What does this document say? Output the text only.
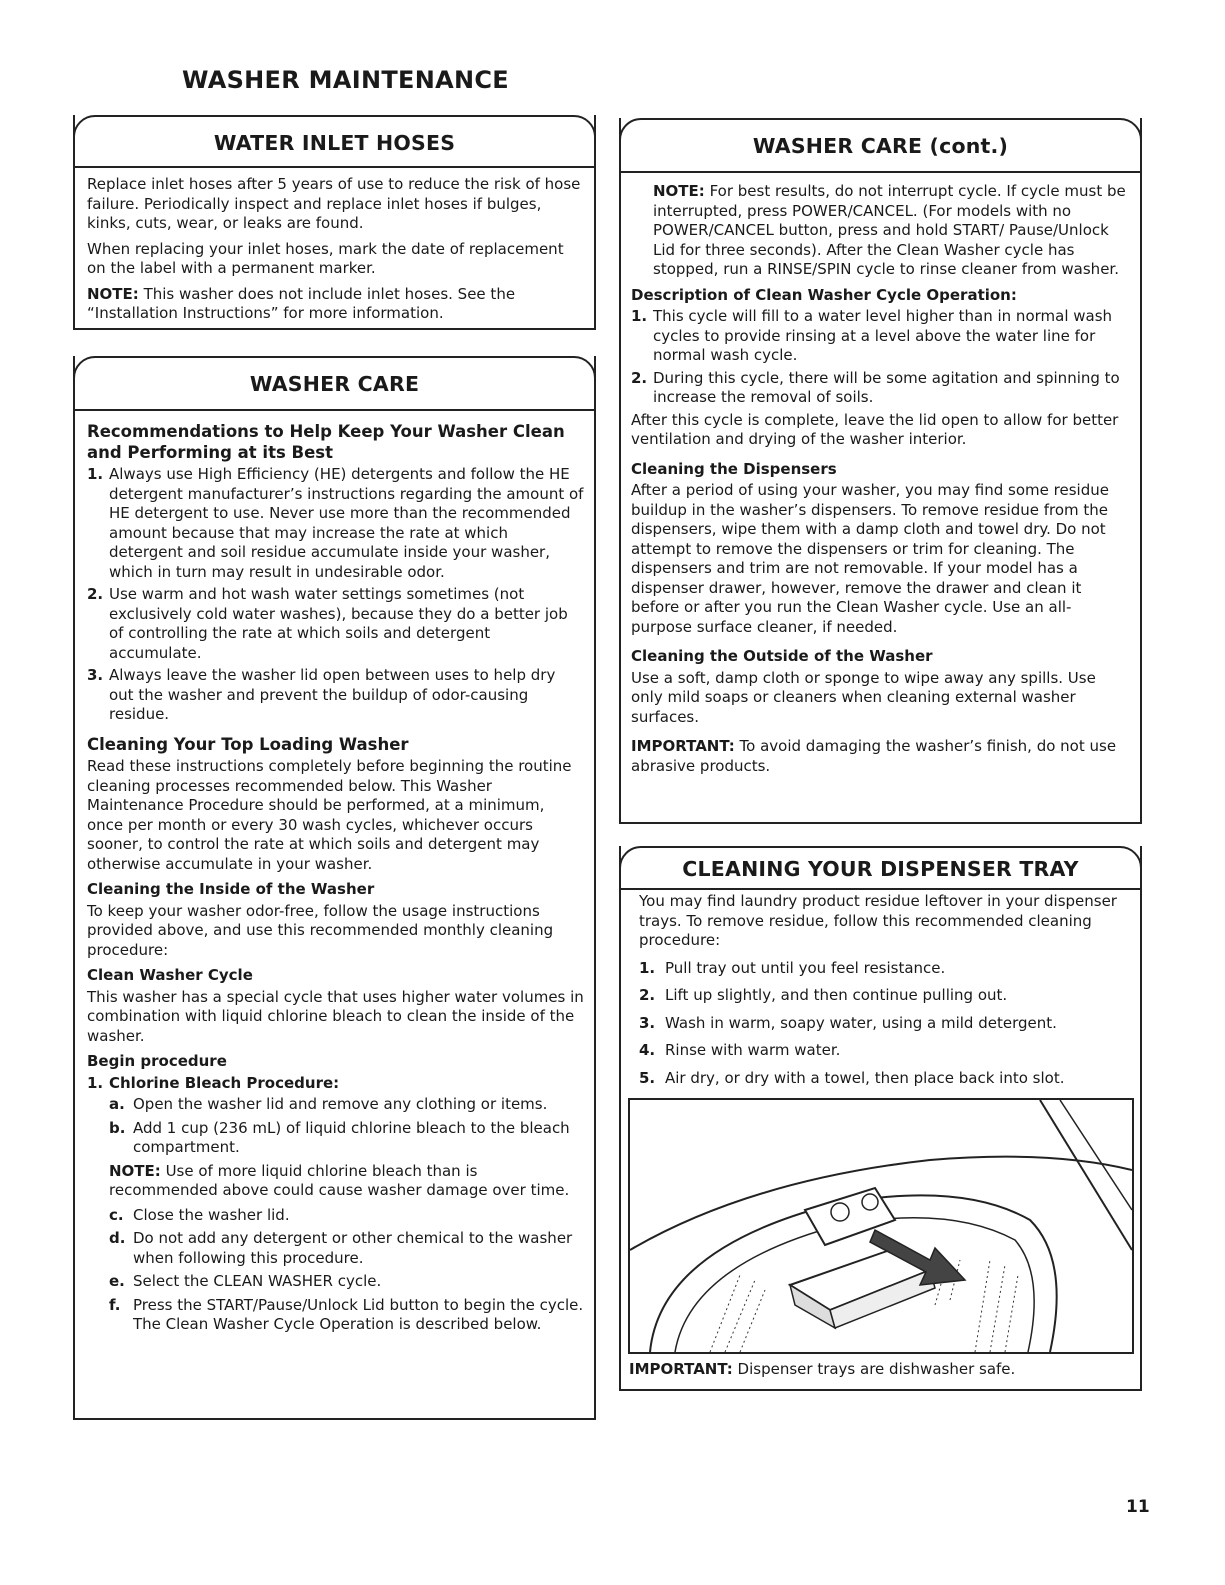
WASHER MAINTENANCE
WATER INLET HOSES

Replace inlet hoses after 5 years of use to reduce the risk of hose failure. Periodically inspect and replace inlet hoses if bulges, kinks, cuts, wear, or leaks are found.

When replacing your inlet hoses, mark the date of replacement on the label with a permanent marker.

NOTE: This washer does not include inlet hoses. See the “Installation Instructions” for more information.

WASHER CARE
Recommendations to Help Keep Your Washer Clean and Performing at its Best
1. Always use High Efficiency (HE) detergents and follow the HE detergent manufacturer’s instructions regarding the amount of HE detergent to use. Never use more than the recommended amount because that may increase the rate at which detergent and soil residue accumulate inside your washer, which in turn may result in undesirable odor.
2. Use warm and hot wash water settings sometimes (not exclusively cold water washes), because they do a better job of controlling the rate at which soils and detergent accumulate.
3. Always leave the washer lid open between uses to help dry out the washer and prevent the buildup of odor-causing residue.
Cleaning Your Top Loading Washer

Read these instructions completely before beginning the routine cleaning processes recommended below. This Washer Maintenance Procedure should be performed, at a minimum, once per month or every 30 wash cycles, whichever occurs sooner, to control the rate at which soils and detergent may otherwise accumulate in your washer.

Cleaning the Inside of the Washer

To keep your washer odor-free, follow the usage instructions provided above, and use this recommended monthly cleaning procedure:

Clean Washer Cycle

This washer has a special cycle that uses higher water volumes in combination with liquid chlorine bleach to clean the inside of the washer.

Begin procedure
1. Chlorine Bleach Procedure:
a. Open the washer lid and remove any clothing or items.
b. Add 1 cup (236 mL) of liquid chlorine bleach to the bleach compartment.

NOTE: Use of more liquid chlorine bleach than is recommended above could cause washer damage over time.

c. Close the washer lid.
d. Do not add any detergent or other chemical to the washer when following this procedure.
e. Select the CLEAN WASHER cycle.
f. Press the START/Pause/Unlock Lid button to begin the cycle. The Clean Washer Cycle Operation is described below.
WASHER CARE (cont.)

NOTE: For best results, do not interrupt cycle. If cycle must be interrupted, press POWER/CANCEL. (For models with no POWER/CANCEL button, press and hold START/ Pause/Unlock Lid for three seconds). After the Clean Washer cycle has stopped, run a RINSE/SPIN cycle to rinse cleaner from washer.

Description of Clean Washer Cycle Operation:
1. This cycle will fill to a water level higher than in normal wash cycles to provide rinsing at a level above the water line for normal wash cycle.
2. During this cycle, there will be some agitation and spinning to increase the removal of soils.

After this cycle is complete, leave the lid open to allow for better ventilation and drying of the washer interior.

Cleaning the Dispensers

After a period of using your washer, you may find some residue buildup in the washer’s dispensers. To remove residue from the dispensers, wipe them with a damp cloth and towel dry. Do not attempt to remove the dispensers or trim for cleaning. The dispensers and trim are not removable. If your model has a dispenser drawer, however, remove the drawer and clean it before or after you run the Clean Washer cycle. Use an all-purpose surface cleaner, if needed.

Cleaning the Outside of the Washer

Use a soft, damp cloth or sponge to wipe away any spills. Use only mild soaps or cleaners when cleaning external washer surfaces.

IMPORTANT: To avoid damaging the washer’s finish, do not use abrasive products.

CLEANING YOUR DISPENSER TRAY

You may find laundry product residue leftover in your dispenser trays. To remove residue, follow this recommended cleaning procedure:

1. Pull tray out until you feel resistance.
2. Lift up slightly, and then continue pulling out.
3. Wash in warm, soapy water, using a mild detergent.
4. Rinse with warm water.
5. Air dry, or dry with a towel, then place back into slot.

IMPORTANT: Dispenser trays are dishwasher safe.

11
